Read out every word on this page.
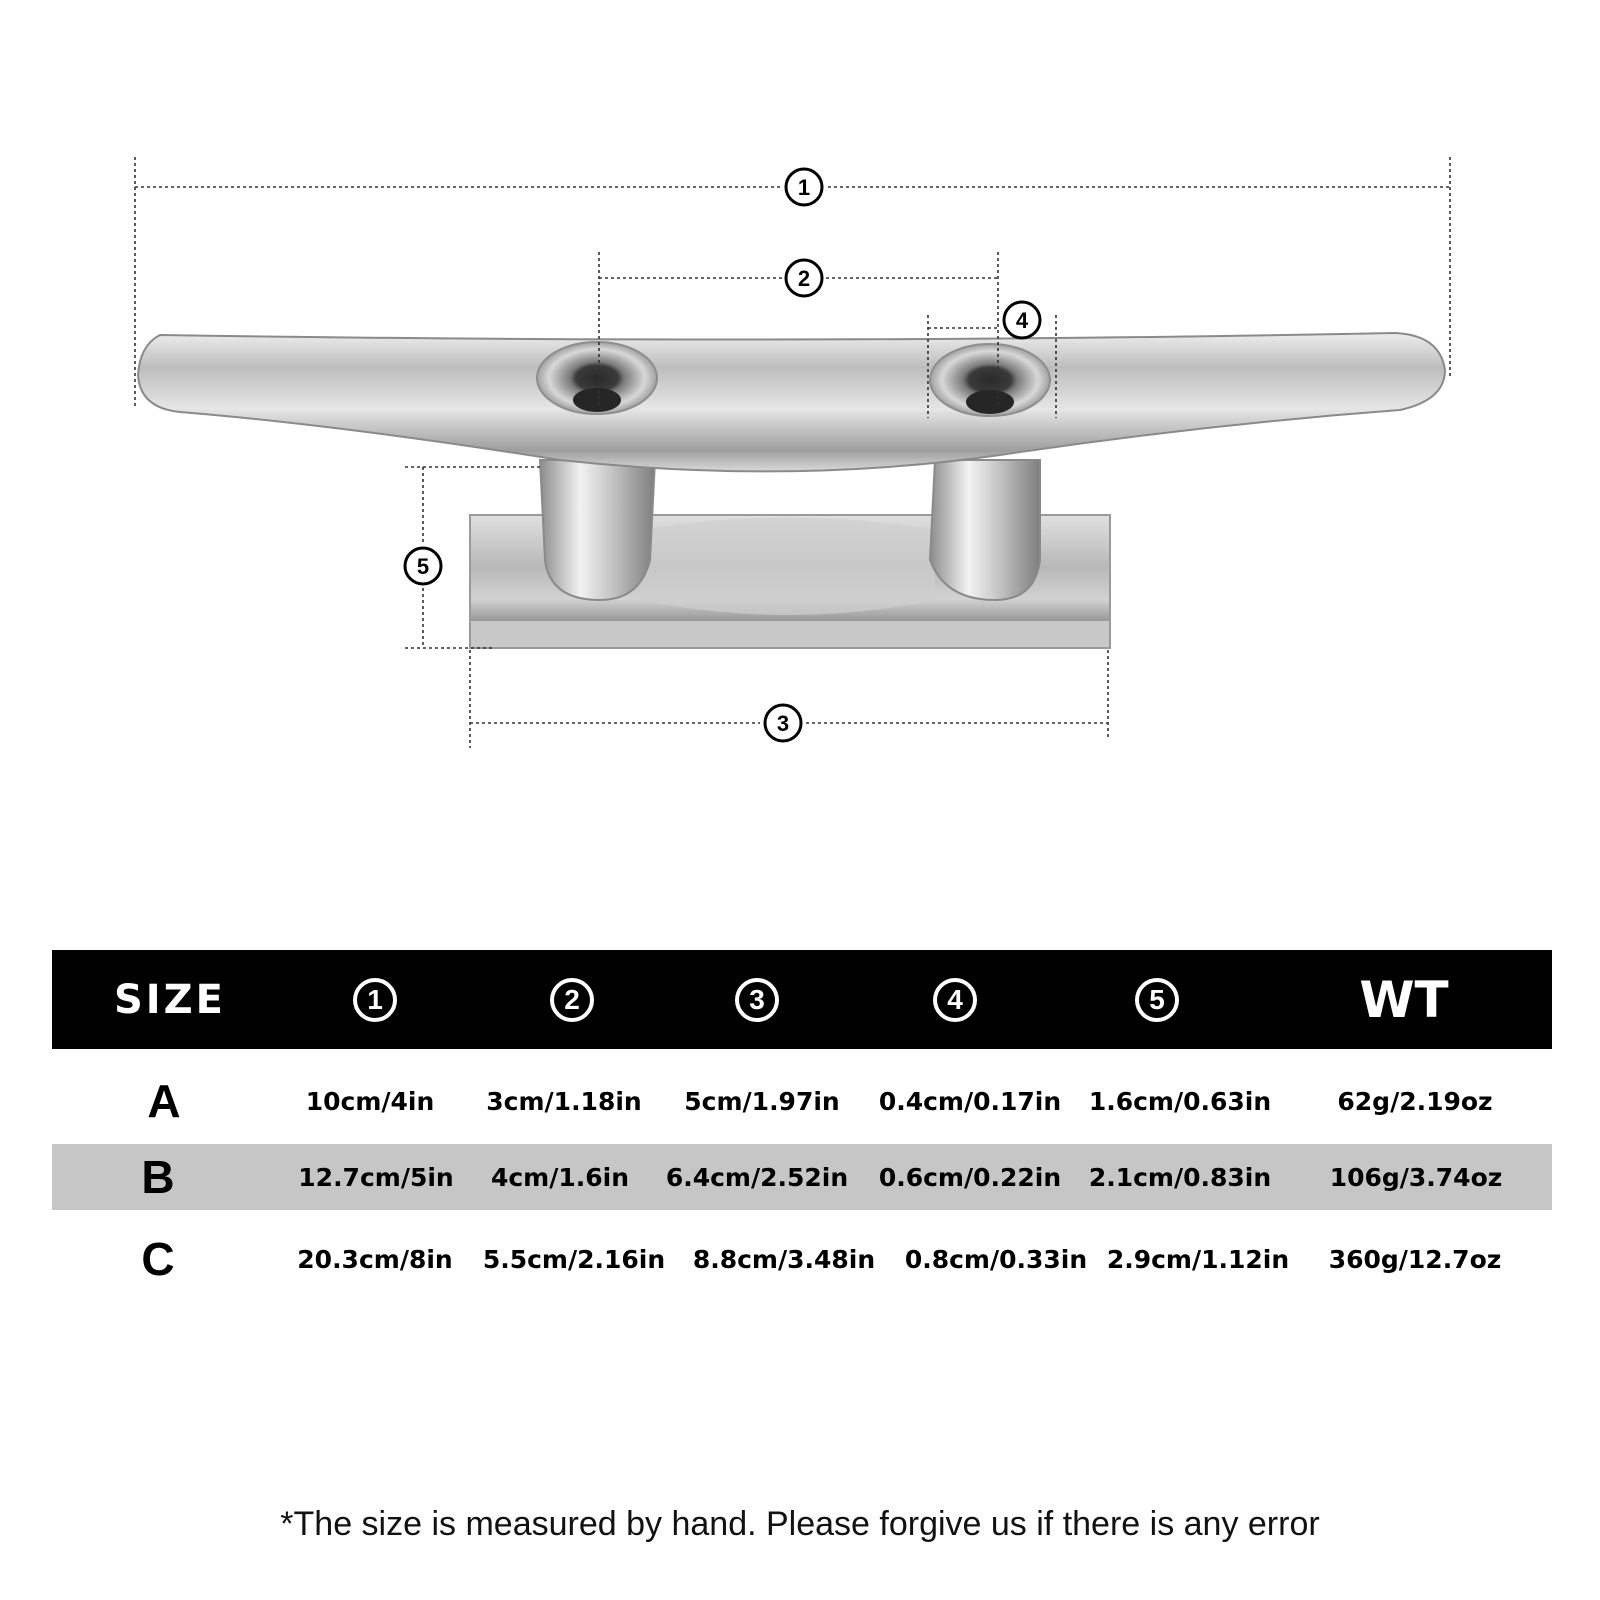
1
2
3
4
5
SIZE	1	2	3	4	5	WT
A	10cm/4in 3cm/1.18in 5cm/1.97in 0.4cm/0.17in 1.6cm/0.63in	62g/2.19oz
B	12.7cm/5in 4cm/1.6in 6.4cm/2.52in 0.6cm/0.22in 2.1cm/0.83in 106g/3.74oz
C	20.3cm/8in 5.5cm/2.16in 8.8cm/3.48in 0.8cm/0.33in 2.9cm/1.12in 360g/12.7oz
*The size is measured by hand. Please forgive us if there is any error
